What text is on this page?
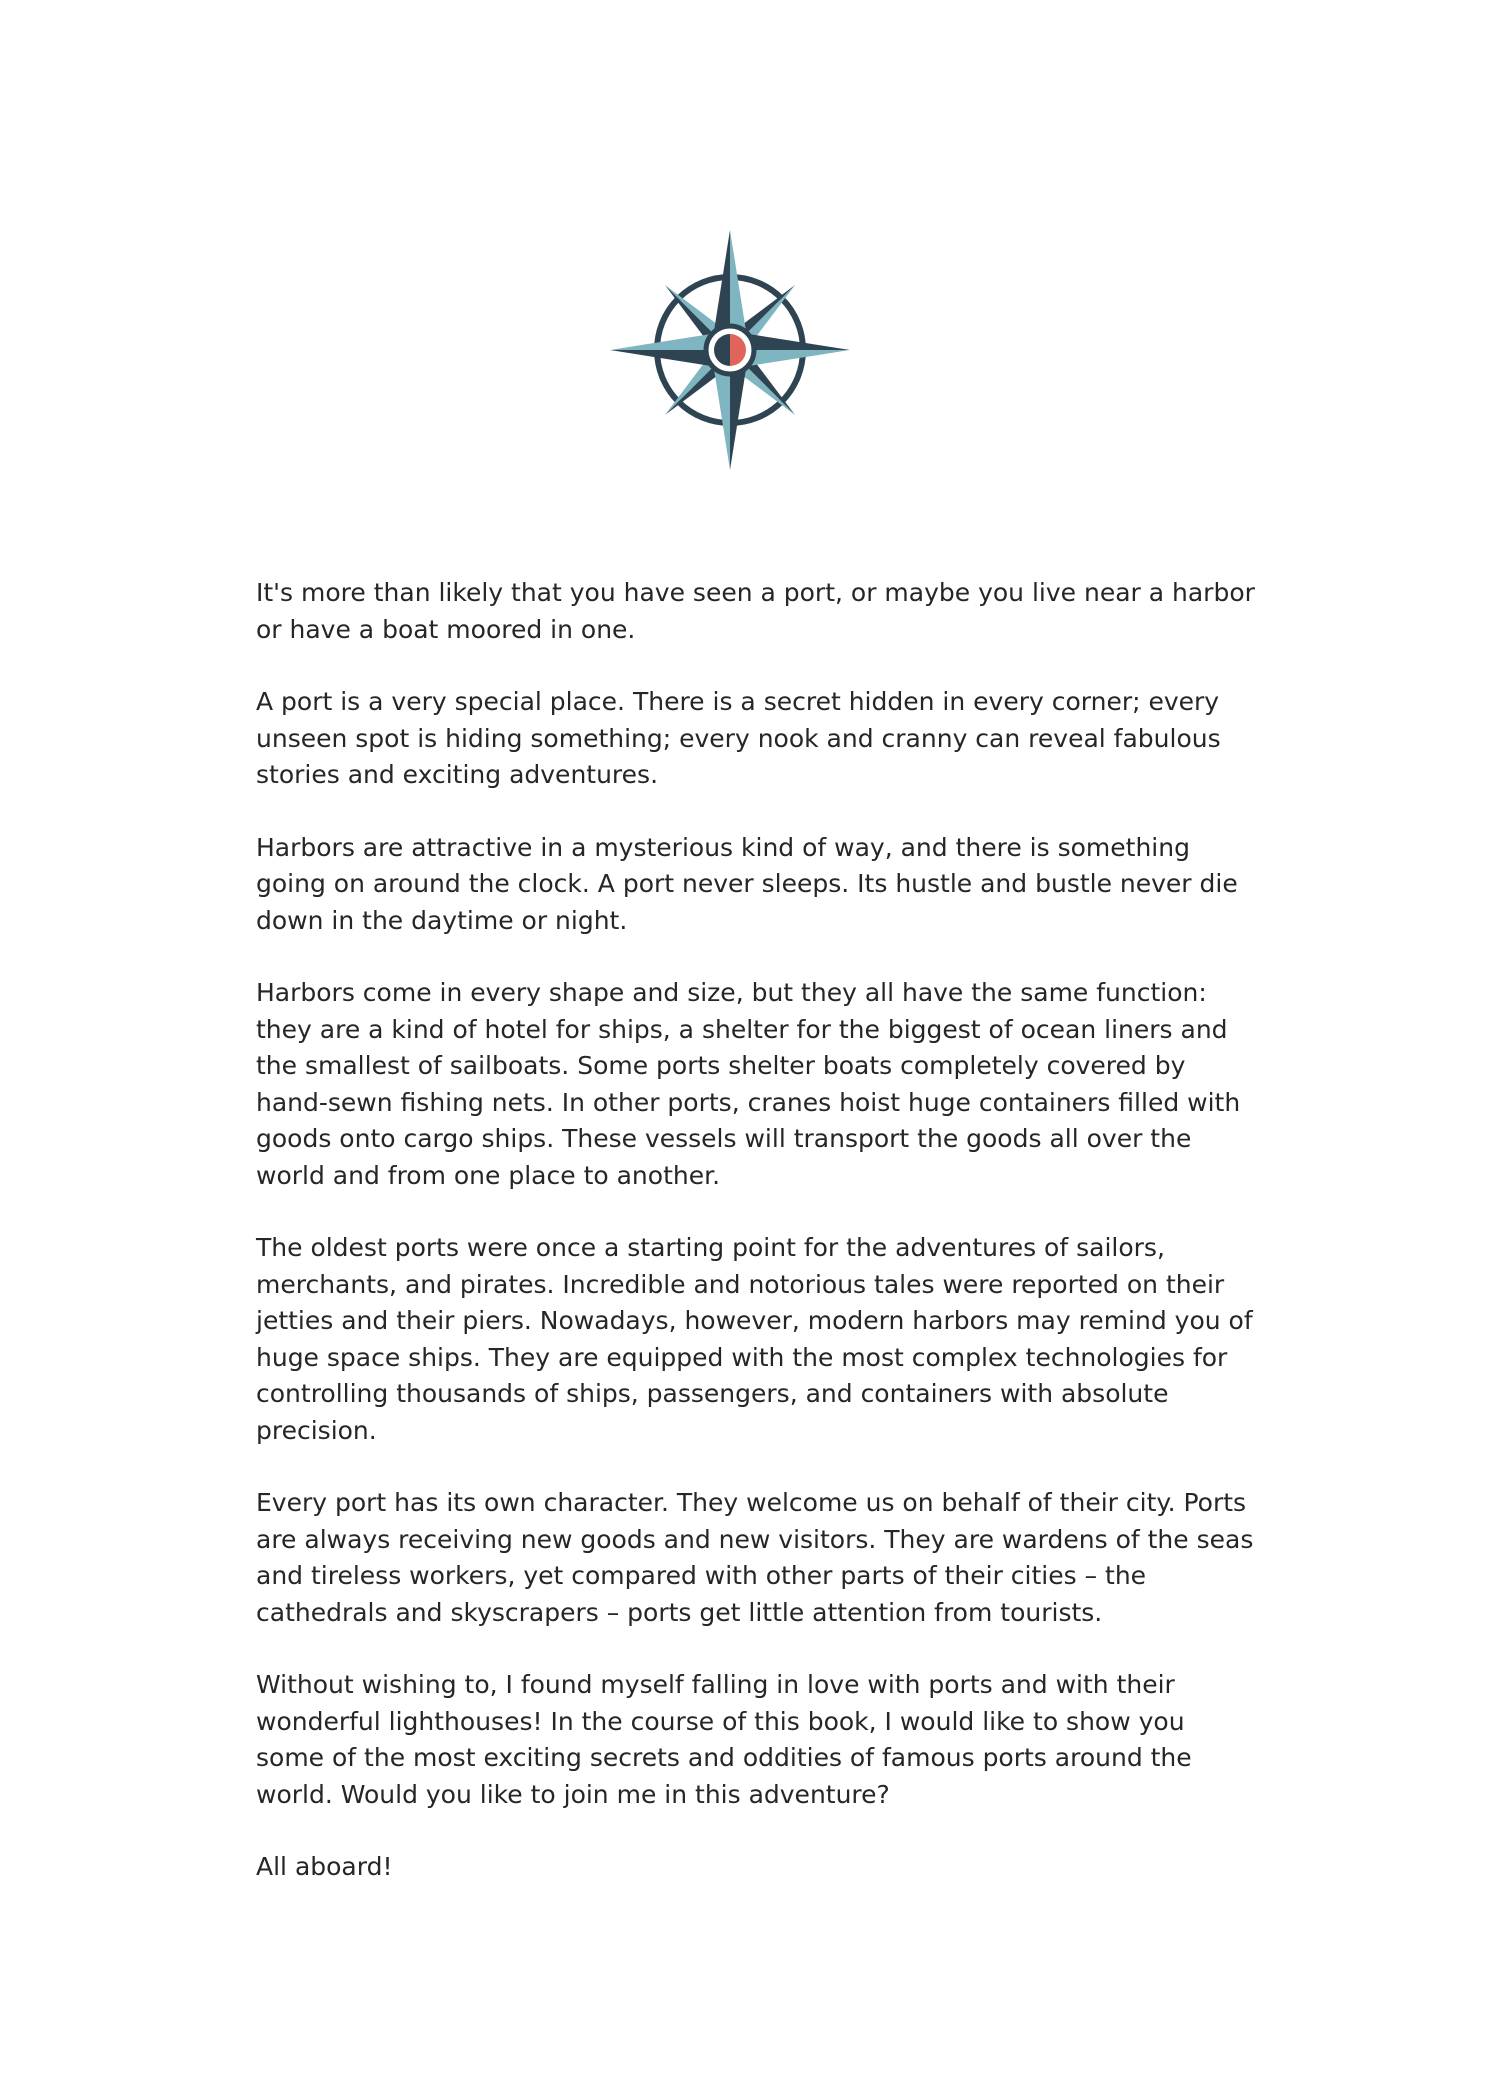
It's more than likely that you have seen a port, or maybe you live near a harbor or have a boat moored in one.

A port is a very special place. There is a secret hidden in every corner; every unseen spot is hiding something; every nook and cranny can reveal fabulous stories and exciting adventures.

Harbors are attractive in a mysterious kind of way, and there is something going on around the clock. A port never sleeps. Its hustle and bustle never die down in the daytime or night.

Harbors come in every shape and size, but they all have the same function: they are a kind of hotel for ships, a shelter for the biggest of ocean liners and the smallest of sailboats. Some ports shelter boats completely covered by hand-sewn fishing nets. In other ports, cranes hoist huge containers filled with goods onto cargo ships. These vessels will transport the goods all over the world and from one place to another.

The oldest ports were once a starting point for the adventures of sailors, merchants, and pirates. Incredible and notorious tales were reported on their jetties and their piers. Nowadays, however, modern harbors may remind you of huge space ships. They are equipped with the most complex technologies for controlling thousands of ships, passengers, and containers with absolute precision.

Every port has its own character. They welcome us on behalf of their city. Ports are always receiving new goods and new visitors. They are wardens of the seas and tireless workers, yet compared with other parts of their cities – the cathedrals and skyscrapers – ports get little attention from tourists.

Without wishing to, I found myself falling in love with ports and with their wonderful lighthouses! In the course of this book, I would like to show you some of the most exciting secrets and oddities of famous ports around the world. Would you like to join me in this adventure?

All aboard!
